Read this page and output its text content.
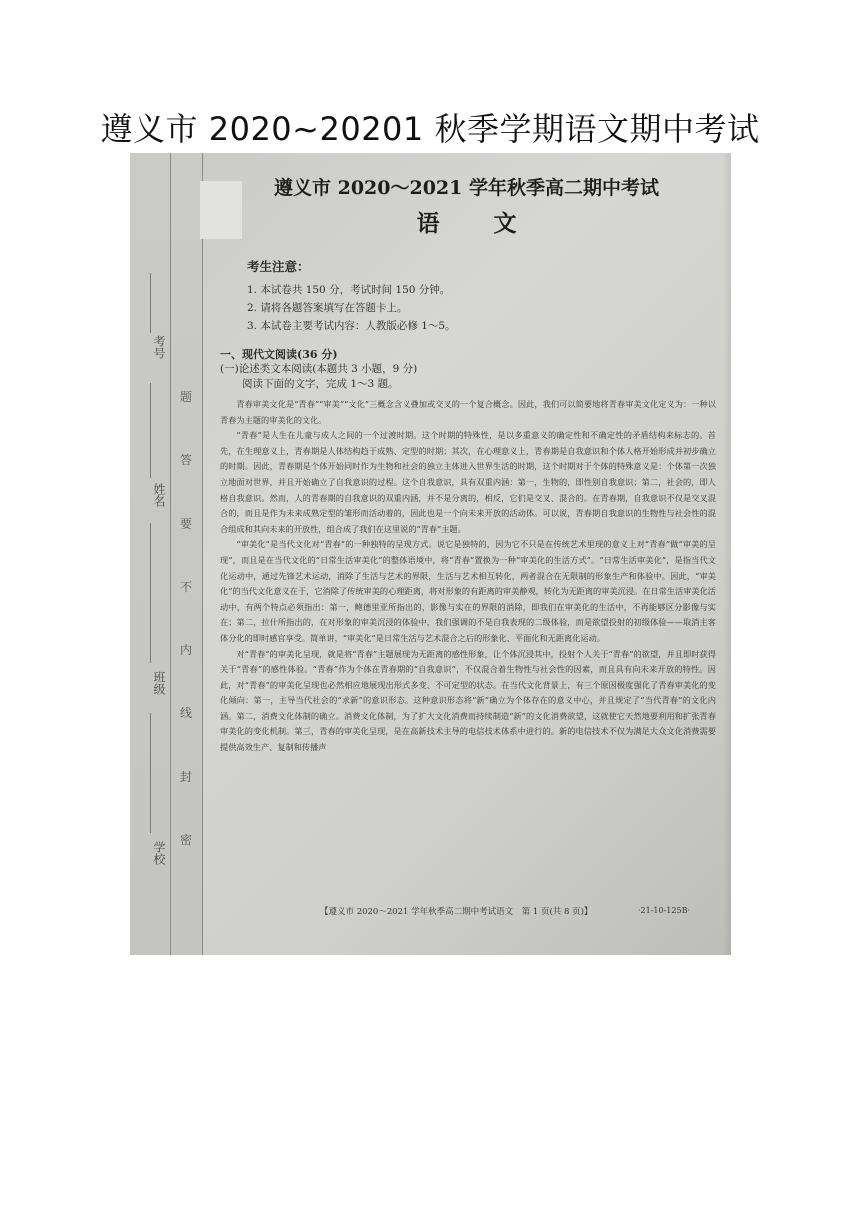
遵义市 2020~20201 秋季学期语文期中考试
考号
姓名
班级
学校
题
答
要
不
内
线
封
密
遵义市 2020～2021 学年秋季高二期中考试
语文
考生注意：
1. 本试卷共 150 分，考试时间 150 分钟。
2. 请将各题答案填写在答题卡上。
3. 本试卷主要考试内容：人教版必修 1～5。
一、现代文阅读(36 分)
(一)论述类文本阅读(本题共 3 小题，9 分)
阅读下面的文字，完成 1～3 题。

青春审美文化是“青春”“审美”“文化”三概念含义叠加或交叉的一个复合概念。因此，我们可以简要地将青春审美文化定义为：一种以青春为主题的审美化的文化。

“青春”是人生在儿童与成人之间的一个过渡时期。这个时期的特殊性，是以多重意义的确定性和不确定性的矛盾结构来标志的。首先，在生理意义上，青春期是人体结构趋于成熟、定型的时期；其次，在心理意义上，青春期是自我意识和个体人格开始形成并初步确立的时期。因此，青春期是个体开始同时作为生物和社会的独立主体进入世界生活的时期，这个时期对于个体的特殊意义是：个体第一次独立地面对世界，并且开始确立了自我意识的过程。这个自我意识，具有双重内涵：第一，生物的，即性别自我意识；第二，社会的，即人格自我意识。然而，人的青春期的自我意识的双重内涵，并不是分离的，相反，它们是交叉、混合的。在青春期，自我意识不仅是交叉混合的，而且是作为未来成熟定型的雏形而活动着的，因此也是一个向未来开放的活动体。可以说，青春期自我意识的生物性与社会性的混合组成和其向未来的开放性，组合成了我们在这里说的“青春”主题。

“审美化”是当代文化对“青春”的一种独特的呈现方式。说它是独特的，因为它不只是在传统艺术里现的意义上对“青春”做“审美的呈现”，而且是在当代文化的“日常生活审美化”的整体语境中，将“青春”置换为一种“审美化的生活方式”。“日常生活审美化”，是指当代文化运动中，通过先锋艺术运动，消除了生活与艺术的界限，生活与艺术相互转化，两者混合在无限制的形象生产和体验中。因此，“审美化”的当代文化意义在于，它消除了传统审美的心理距离，将对形象的有距离的审美静观，转化为无距离的审美沉浸。在日常生活审美化活动中，有两个特点必须指出：第一，鲍德里亚所指出的，影像与实在的界限的消除，即我们在审美化的生活中，不再能够区分影像与实在；第二，拉什所指出的，在对形象的审美沉浸的体验中，我们强调的不是自我表现的二级体验，而是欲望投射的初级体验——取消主客体分化的即时感官享受。简单讲，“审美化”是日常生活与艺术混合之后的形象化、平面化和无距离化运动。

对“青春”的审美化呈现，就是将“青春”主题展现为无距离的感性形象，让个体沉浸其中，投射个人关于“青春”的欲望，并且即时获得关于“青春”的感性体验。“青春”作为个体在青春期的“自我意识”，不仅混合着生物性与社会性的因素，而且具有向未来开放的特性。因此，对“青春”的审美化呈现也必然相应地展现出形式多变、不可定型的状态。在当代文化背景上，有三个原因极度强化了青春审美化的变化倾向：第一，主导当代社会的“求新”的意识形态。这种意识形态将“新”确立为个体存在的意义中心，并且规定了“当代青春”的文化内涵。第二，消费文化体制的确立。消费文化体制，为了扩大文化消费而持续制造“新”的文化消费欲望，这就使它天然地要利用和扩张青春审美化的变化机制。第三，青春的审美化呈现，是在高新技术主导的电信技术体系中进行的。新的电信技术不仅为满足大众文化消费需要提供高效生产、复制和传播声

【遵义市 2020～2021 学年秋季高二期中考试语文　第 1 页(共 8 页)】	·21-10-125B·
